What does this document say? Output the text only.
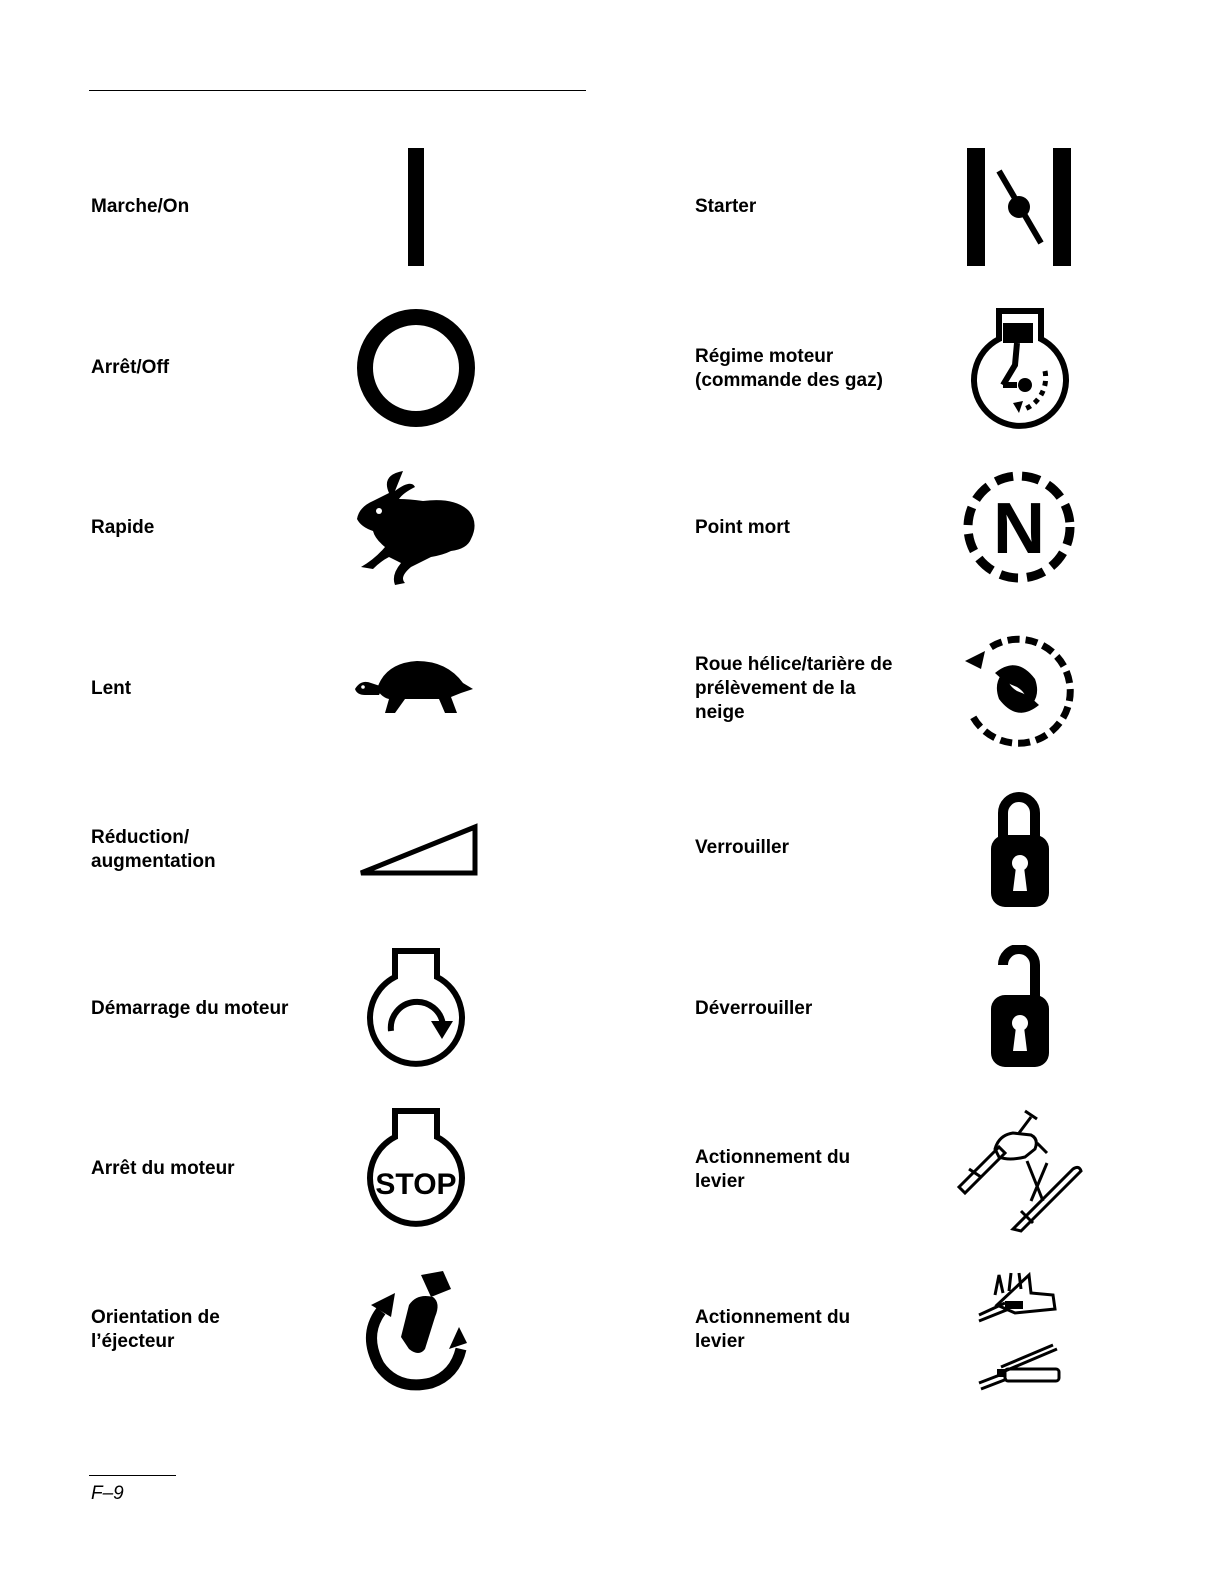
Marche/On
Arrêt/Off
Rapide
Lent
Réduction/
augmentation
Démarrage du moteur
Arrêt du moteur	STOP
Orientation de
l’éjecteur
Starter
Régime moteur
(commande des gaz)
Point mort	N
Roue hélice/tarière de
prélèvement de la
neige
Verrouiller
Déverrouiller
Actionnement du
levier
Actionnement du
levier
F–9
